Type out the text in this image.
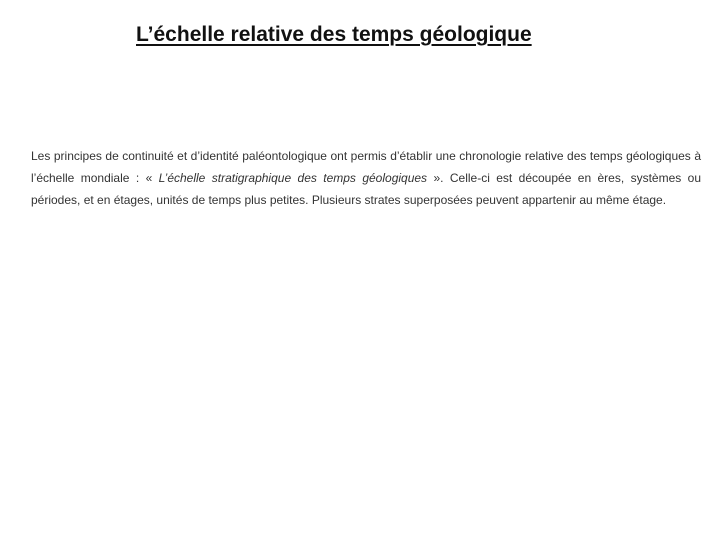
L’échelle relative des temps géologique

Les principes de continuité et d’identité paléontologique ont permis d’établir une chronologie relative des temps géologiques à l’échelle mondiale : « L’échelle stratigraphique des temps géologiques ». Celle-ci est découpée en ères, systèmes ou périodes, et en étages, unités de temps plus petites. Plusieurs strates superposées peuvent appartenir au même étage.
